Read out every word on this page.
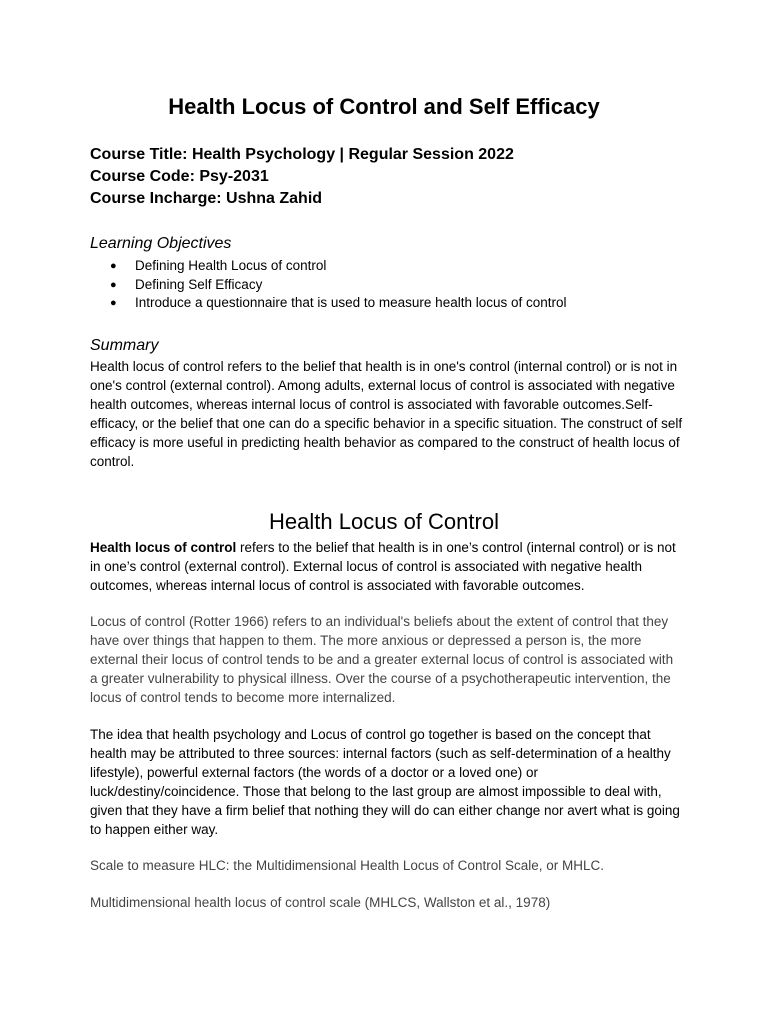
Health Locus of Control and Self Efficacy
Course Title: Health Psychology | Regular Session 2022
Course Code: Psy-2031
Course Incharge: Ushna Zahid
Learning Objectives
● Defining Health Locus of control
● Defining Self Efficacy
● Introduce a questionnaire that is used to measure health locus of control
Summary

Health locus of control refers to the belief that health is in one's control (internal control) or is not in one's control (external control). Among adults, external locus of control is associated with negative health outcomes, whereas internal locus of control is associated with favorable outcomes.Self-efficacy, or the belief that one can do a specific behavior in a specific situation. The construct of self efficacy is more useful in predicting health behavior as compared to the construct of health locus of control.

Health Locus of Control

Health locus of control refers to the belief that health is in one’s control (internal control) or is not in one’s control (external control). External locus of control is associated with negative health outcomes, whereas internal locus of control is associated with favorable outcomes.

Locus of control (Rotter 1966) refers to an individual's beliefs about the extent of control that they have over things that happen to them. The more anxious or depressed a person is, the more external their locus of control tends to be and a greater external locus of control is associated with a greater vulnerability to physical illness. Over the course of a psychotherapeutic intervention, the locus of control tends to become more internalized.

The idea that health psychology and Locus of control go together is based on the concept that health may be attributed to three sources: internal factors (such as self-determination of a healthy lifestyle), powerful external factors (the words of a doctor or a loved one) or luck/destiny/coincidence. Those that belong to the last group are almost impossible to deal with, given that they have a firm belief that nothing they will do can either change nor avert what is going to happen either way.

Scale to measure HLC: the Multidimensional Health Locus of Control Scale, or MHLC.

Multidimensional health locus of control scale (MHLCS, Wallston et al., 1978)
